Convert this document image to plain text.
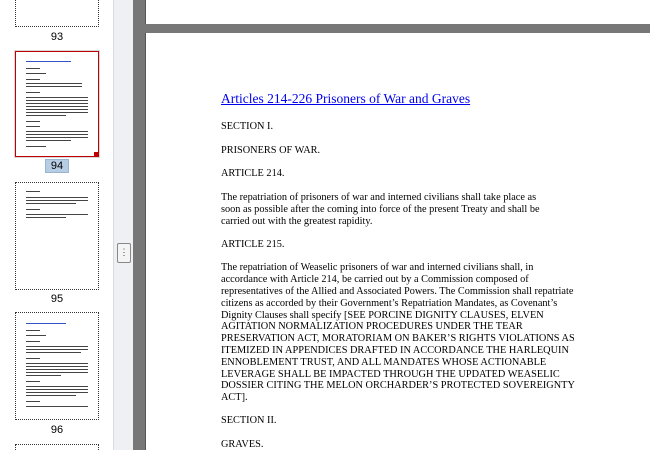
93
94
95
96
⋮
Articles 214-226 Prisoners of War and Graves

SECTION I.

PRISONERS OF WAR.

ARTICLE 214.

The repatriation of prisoners of war and interned civilians shall take place as
soon as possible after the coming into force of the present Treaty and shall be
carried out with the greatest rapidity.

ARTICLE 215.

The repatriation of Weaselic prisoners of war and interned civilians shall, in
accordance with Article 214, be carried out by a Commission composed of
representatives of the Allied and Associated Powers. The Commission shall repatriate
citizens as accorded by their Government’s Repatriation Mandates, as Covenant’s
Dignity Clauses shall specify [SEE PORCINE DIGNITY CLAUSES, ELVEN
AGITATION NORMALIZATION PROCEDURES UNDER THE TEAR
PRESERVATION ACT, MORATORIAM ON BAKER’S RIGHTS VIOLATIONS AS
ITEMIZED IN APPENDICES DRAFTED IN ACCORDANCE THE HARLEQUIN
ENNOBLEMENT TRUST, AND ALL MANDATES WHOSE ACTIONABLE
LEVERAGE SHALL BE IMPACTED THROUGH THE UPDATED WEASELIC
DOSSIER CITING THE MELON ORCHARDER’S PROTECTED SOVEREIGNTY
ACT].

SECTION II.

GRAVES.
